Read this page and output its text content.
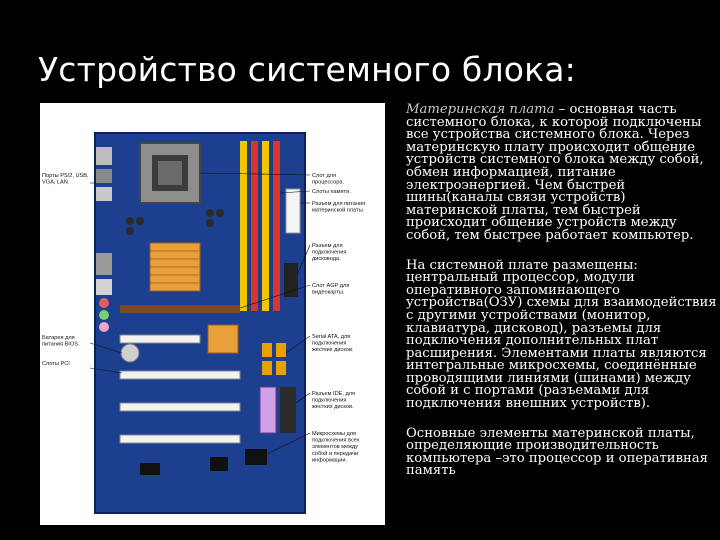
Устройство системного блока:
Порты PS/2, USB, VGA, LAN.
Батарея для питания BIOS.
Слоты PCI
Слот для процессора.
Слоты памяти.
Разъем для питания материнской платы.
Разъем для подключения дисковода.
Слот AGP для видеокарты.
Serial ATA, для подключения жестких дисков.
Разъем IDE, для подключения жестких дисков.
Микросхемы для подключения всех элементов между собой и передачи информации.

Материнская плата – основная часть системного блока, к которой подключены все устройства системного блока. Через материнскую плату происходит общение устройств системного блока между собой, обмен информацией, питание электроэнергией. Чем быстрей шины(каналы связи устройств) материнской платы, тем быстрей происходит общение устройств между собой, тем быстрее работает компьютер.

На системной плате размещены: центральный процессор, модули оперативного запоминающего устройства(ОЗУ) схемы для взаимодействия с другими устройствами (монитор, клавиатура, дисковод), разъемы для подключения дополнительных плат расширения. Элементами платы являются интегральные микросхемы, соединённые проводящими линиями (шинами) между собой и с портами (разъемами для подключения внешних устройств).

Основные элементы материнской платы, определяющие производительность компьютера –это процессор и оперативная память
